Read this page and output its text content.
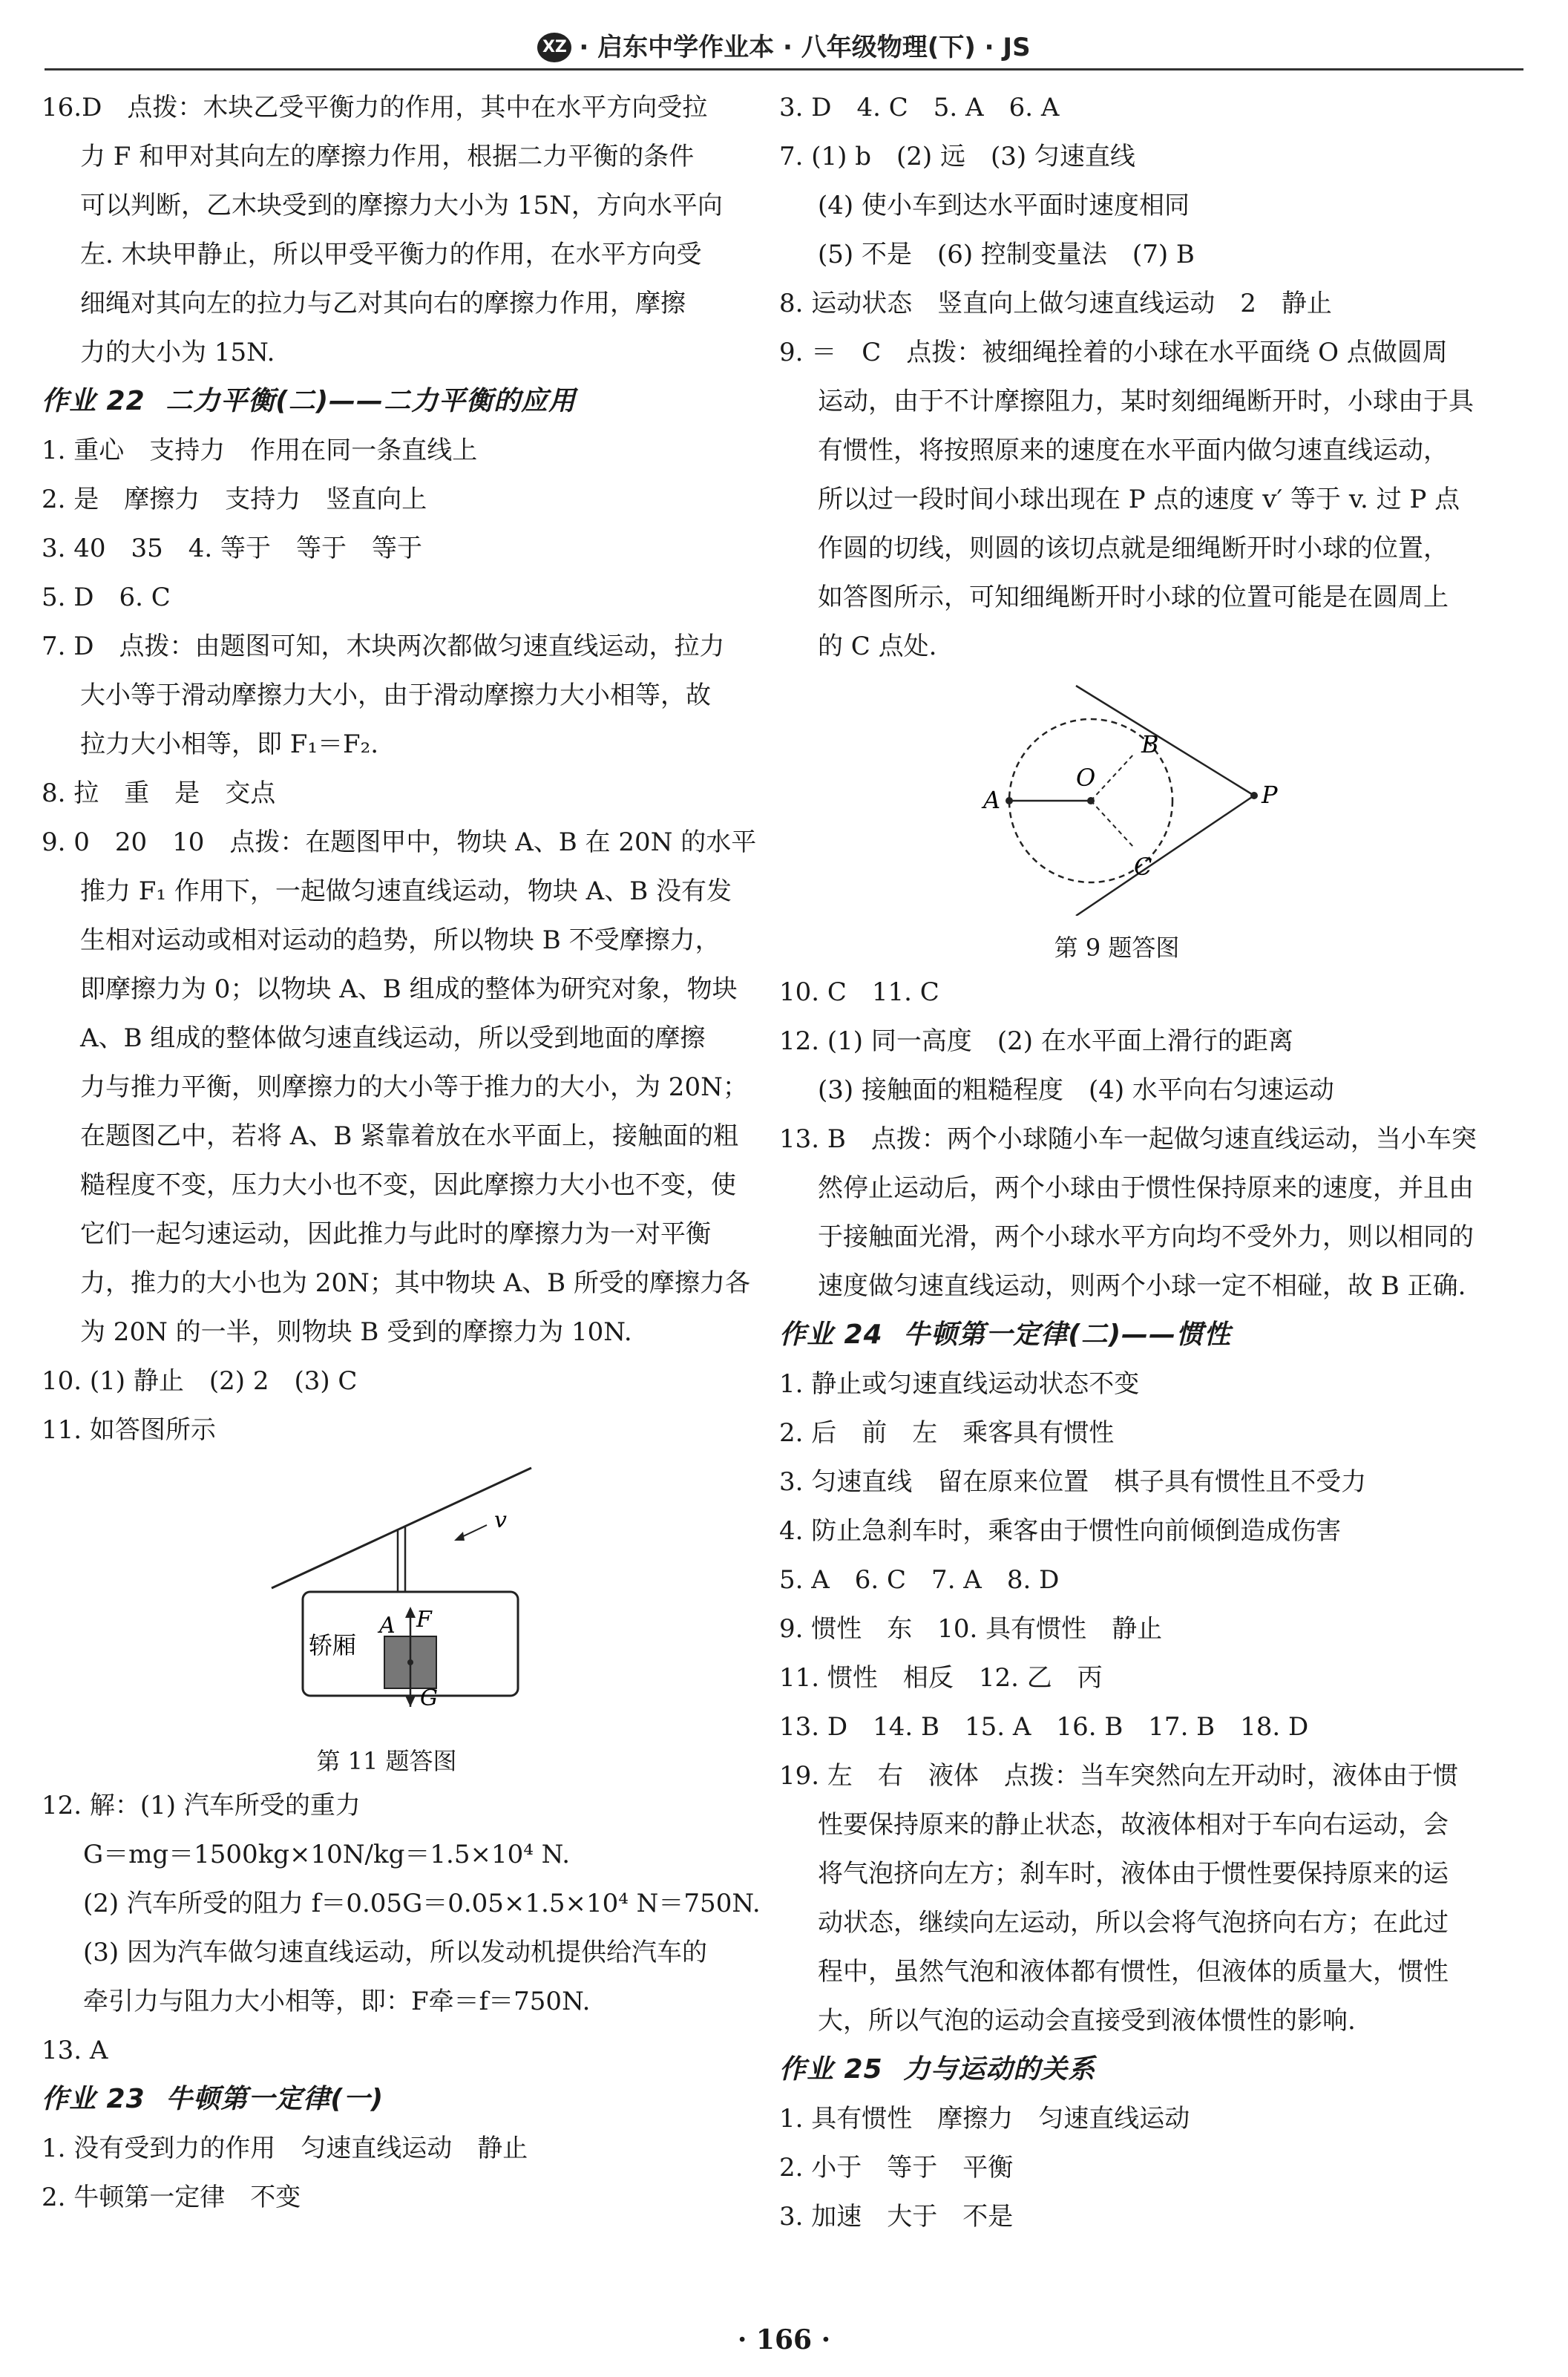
XZ · 启东中学作业本 · 八年级物理(下) · JS
16.D　点拨：木块乙受平衡力的作用，其中在水平方向受拉
力 F 和甲对其向左的摩擦力作用，根据二力平衡的条件
可以判断，乙木块受到的摩擦力大小为 15N，方向水平向
左. 木块甲静止，所以甲受平衡力的作用，在水平方向受
细绳对其向左的拉力与乙对其向右的摩擦力作用，摩擦
力的大小为 15N.
作业 22 二力平衡(二)——二力平衡的应用
1. 重心　支持力　作用在同一条直线上
2. 是　摩擦力　支持力　竖直向上
3. 40　35　4. 等于　等于　等于
5. D　6. C
7. D　点拨：由题图可知，木块两次都做匀速直线运动，拉力
大小等于滑动摩擦力大小，由于滑动摩擦力大小相等，故
拉力大小相等，即 F₁＝F₂.
8. 拉　重　是　交点
9. 0　20　10　点拨：在题图甲中，物块 A、B 在 20N 的水平
推力 F₁ 作用下，一起做匀速直线运动，物块 A、B 没有发
生相对运动或相对运动的趋势，所以物块 B 不受摩擦力，
即摩擦力为 0；以物块 A、B 组成的整体为研究对象，物块
A、B 组成的整体做匀速直线运动，所以受到地面的摩擦
力与推力平衡，则摩擦力的大小等于推力的大小，为 20N；
在题图乙中，若将 A、B 紧靠着放在水平面上，接触面的粗
糙程度不变，压力大小也不变，因此摩擦力大小也不变，使
它们一起匀速运动，因此推力与此时的摩擦力为一对平衡
力，推力的大小也为 20N；其中物块 A、B 所受的摩擦力各
为 20N 的一半，则物块 B 受到的摩擦力为 10N.
10. (1) 静止　(2) 2　(3) C
11. 如答图所示
轿厢
A F
G
v
第 11 题答图
12. 解：(1) 汽车所受的重力
G＝mg＝1500kg×10N/kg＝1.5×10⁴ N.
(2) 汽车所受的阻力 f＝0.05G＝0.05×1.5×10⁴ N＝750N.
(3) 因为汽车做匀速直线运动，所以发动机提供给汽车的
牵引力与阻力大小相等，即：F牵＝f＝750N.
13. A
作业 23 牛顿第一定律(一)
1. 没有受到力的作用　匀速直线运动　静止
2. 牛顿第一定律　不变
3. D　4. C　5. A　6. A
7. (1) b　(2) 远　(3) 匀速直线
(4) 使小车到达水平面时速度相同
(5) 不是　(6) 控制变量法　(7) B
8. 运动状态　竖直向上做匀速直线运动　2　静止
9. ＝　C　点拨：被细绳拴着的小球在水平面绕 O 点做圆周
运动，由于不计摩擦阻力，某时刻细绳断开时，小球由于具
有惯性，将按照原来的速度在水平面内做匀速直线运动，
所以过一段时间小球出现在 P 点的速度 v′ 等于 v. 过 P 点
作圆的切线，则圆的该切点就是细绳断开时小球的位置，
如答图所示，可知细绳断开时小球的位置可能是在圆周上
的 C 点处.
A
O
B
C
P
第 9 题答图
10. C　11. C
12. (1) 同一高度　(2) 在水平面上滑行的距离
(3) 接触面的粗糙程度　(4) 水平向右匀速运动
13. B　点拨：两个小球随小车一起做匀速直线运动，当小车突
然停止运动后，两个小球由于惯性保持原来的速度，并且由
于接触面光滑，两个小球水平方向均不受外力，则以相同的
速度做匀速直线运动，则两个小球一定不相碰，故 B 正确.
作业 24 牛顿第一定律(二)——惯性
1. 静止或匀速直线运动状态不变
2. 后　前　左　乘客具有惯性
3. 匀速直线　留在原来位置　棋子具有惯性且不受力
4. 防止急刹车时，乘客由于惯性向前倾倒造成伤害
5. A　6. C　7. A　8. D
9. 惯性　东　10. 具有惯性　静止
11. 惯性　相反　12. 乙　丙
13. D　14. B　15. A　16. B　17. B　18. D
19. 左　右　液体　点拨：当车突然向左开动时，液体由于惯
性要保持原来的静止状态，故液体相对于车向右运动，会
将气泡挤向左方；刹车时，液体由于惯性要保持原来的运
动状态，继续向左运动，所以会将气泡挤向右方；在此过
程中，虽然气泡和液体都有惯性，但液体的质量大，惯性
大，所以气泡的运动会直接受到液体惯性的影响.
作业 25 力与运动的关系
1. 具有惯性　摩擦力　匀速直线运动
2. 小于　等于　平衡
3. 加速　大于　不是
· 166 ·
